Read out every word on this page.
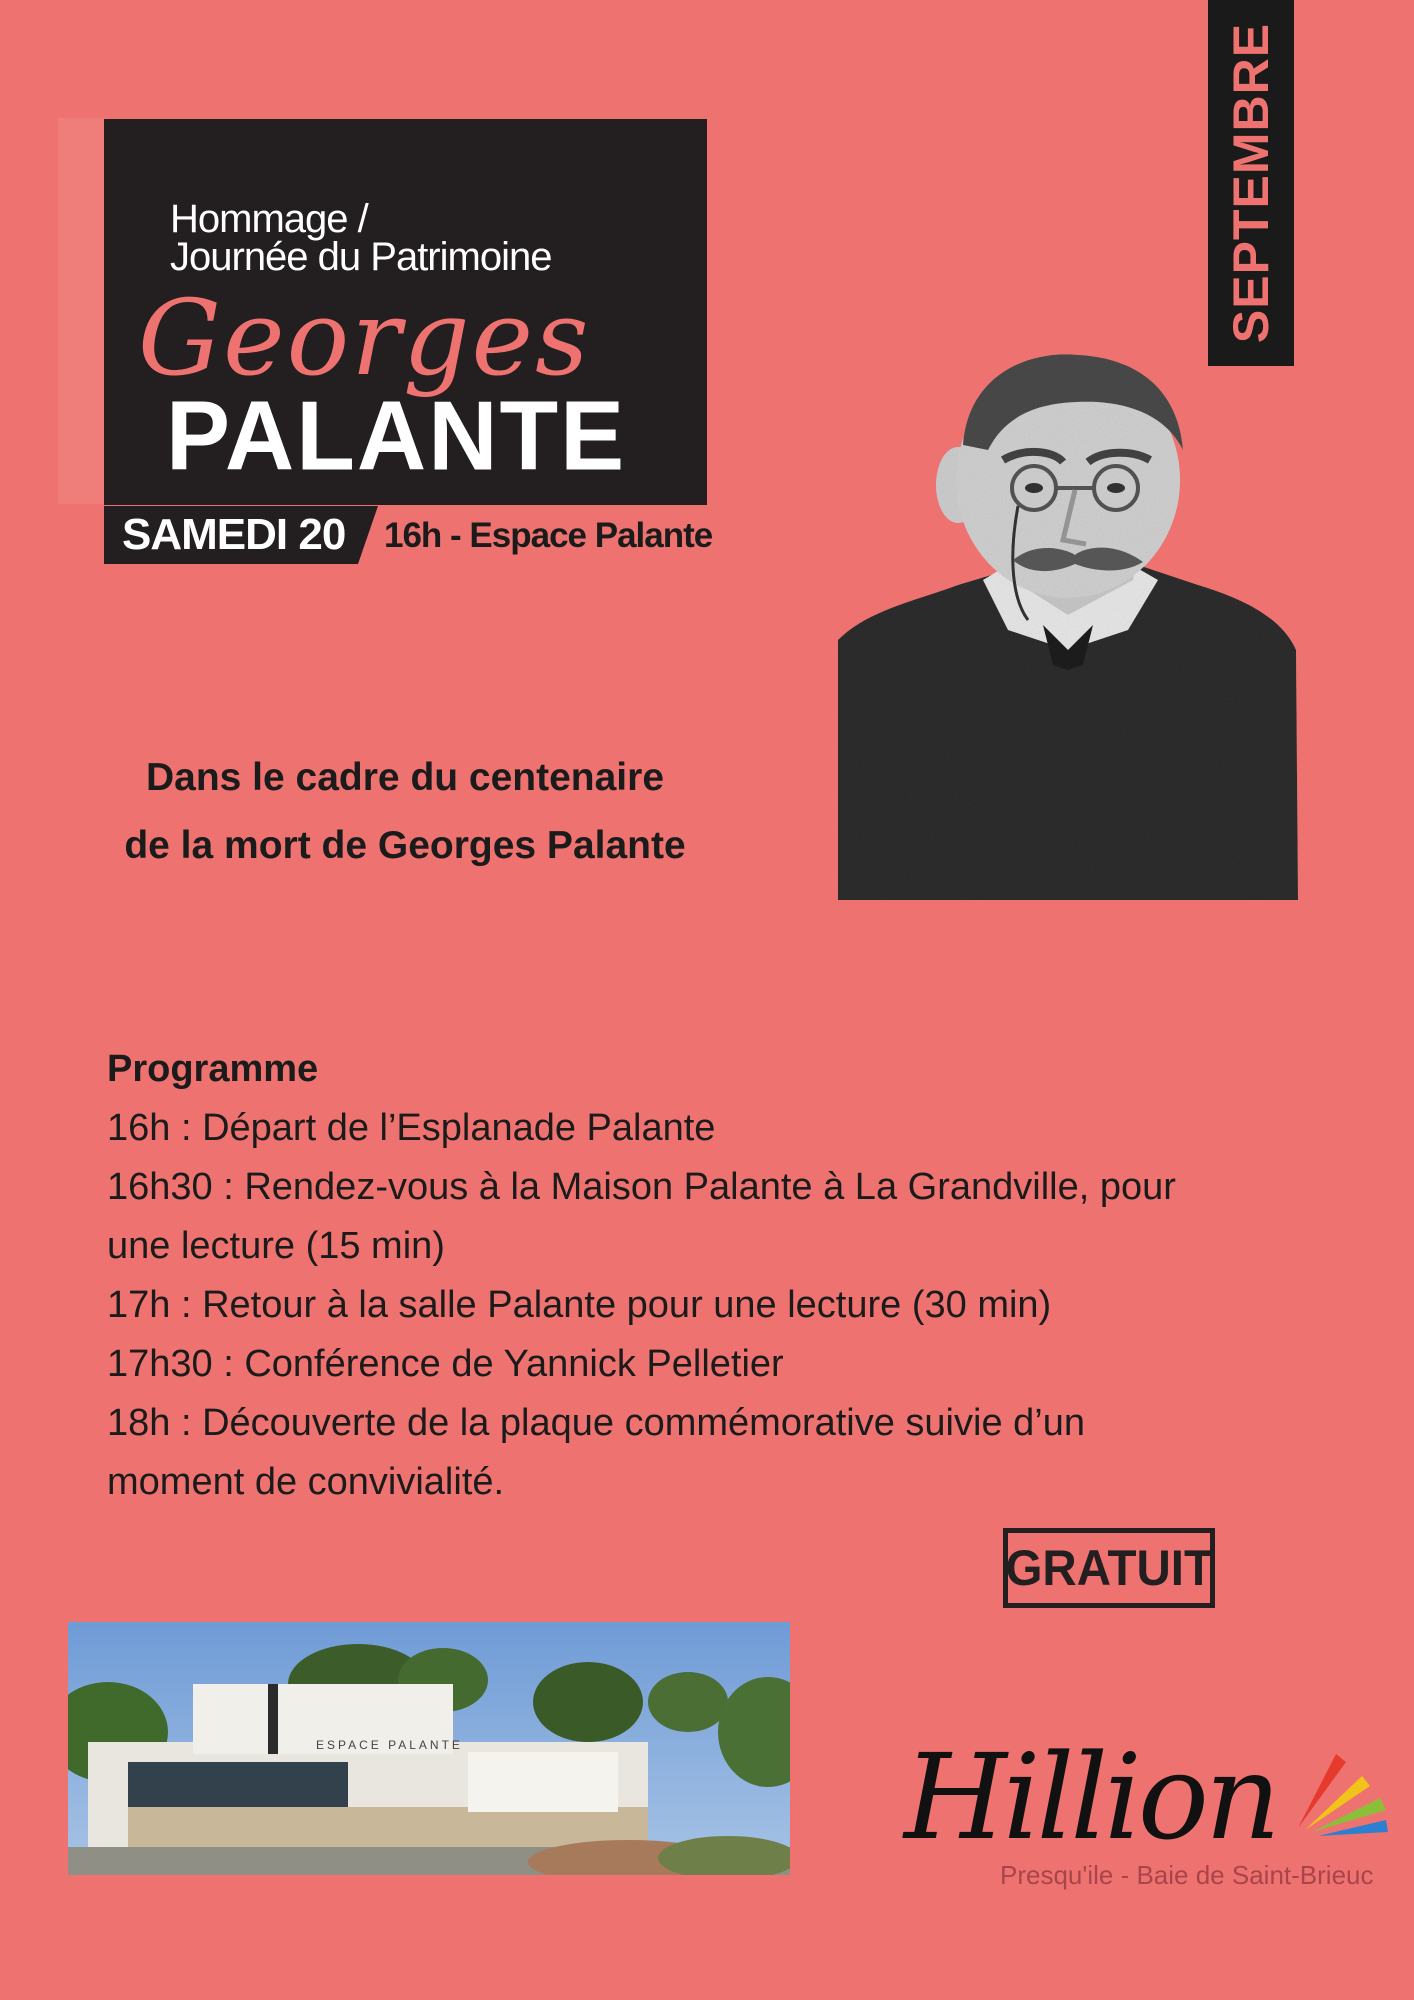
SEPTEMBRE
Hommage /
Journée du Patrimoine
Georges
PALANTE
SAMEDI 20 16h - Espace Palante
Dans le cadre du centenaire
de la mort de Georges Palante
Programme
16h : Départ de l’Esplanade Palante
16h30 : Rendez-vous à la Maison Palante à La Grandville, pour une lecture (15 min)
17h : Retour à la salle Palante pour une lecture (30 min)
17h30 : Conférence de Yannick Pelletier
18h : Découverte de la plaque commémorative suivie d’un moment de convivialité.
GRATUIT
ESPACE PALANTE	Hillion
Presqu'ile - Baie de Saint-Brieuc
